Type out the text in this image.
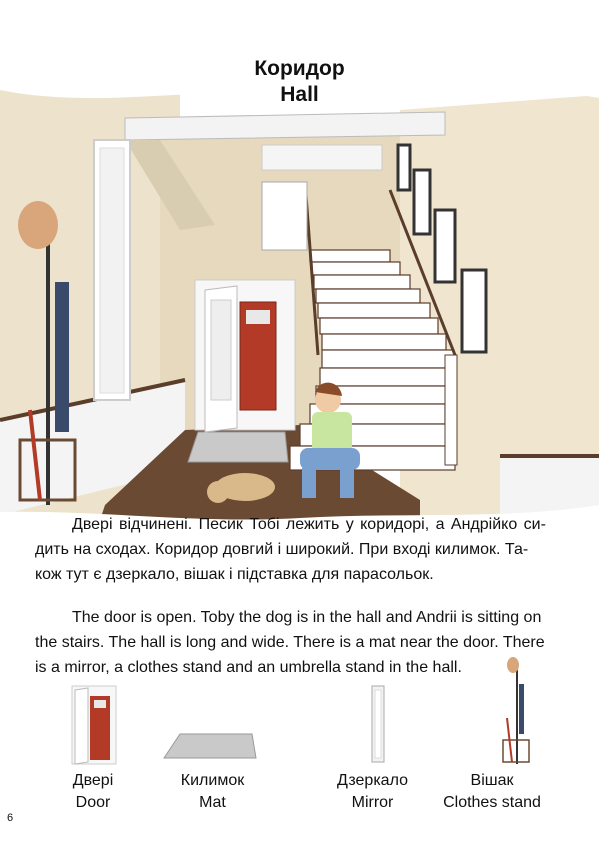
Коридор
Hall
Двері відчинені. Песик Тобі лежить у коридорі, а Андрійко си-
дить на сходах. Коридор довгий і широкий. При вході килимок. Та-
кож тут є дзеркало, вішак і підставка для парасольок.
The door is open. Toby the dog is in the hall and Andrii is sitting on
the stairs. The hall is long and wide. There is a mat near the door. There
is a mirror, a clothes stand and an umbrella stand in the hall.
Двері
Door
Килимок
Mat
Дзеркало
Mirror
Вішак
Clothes stand
6
